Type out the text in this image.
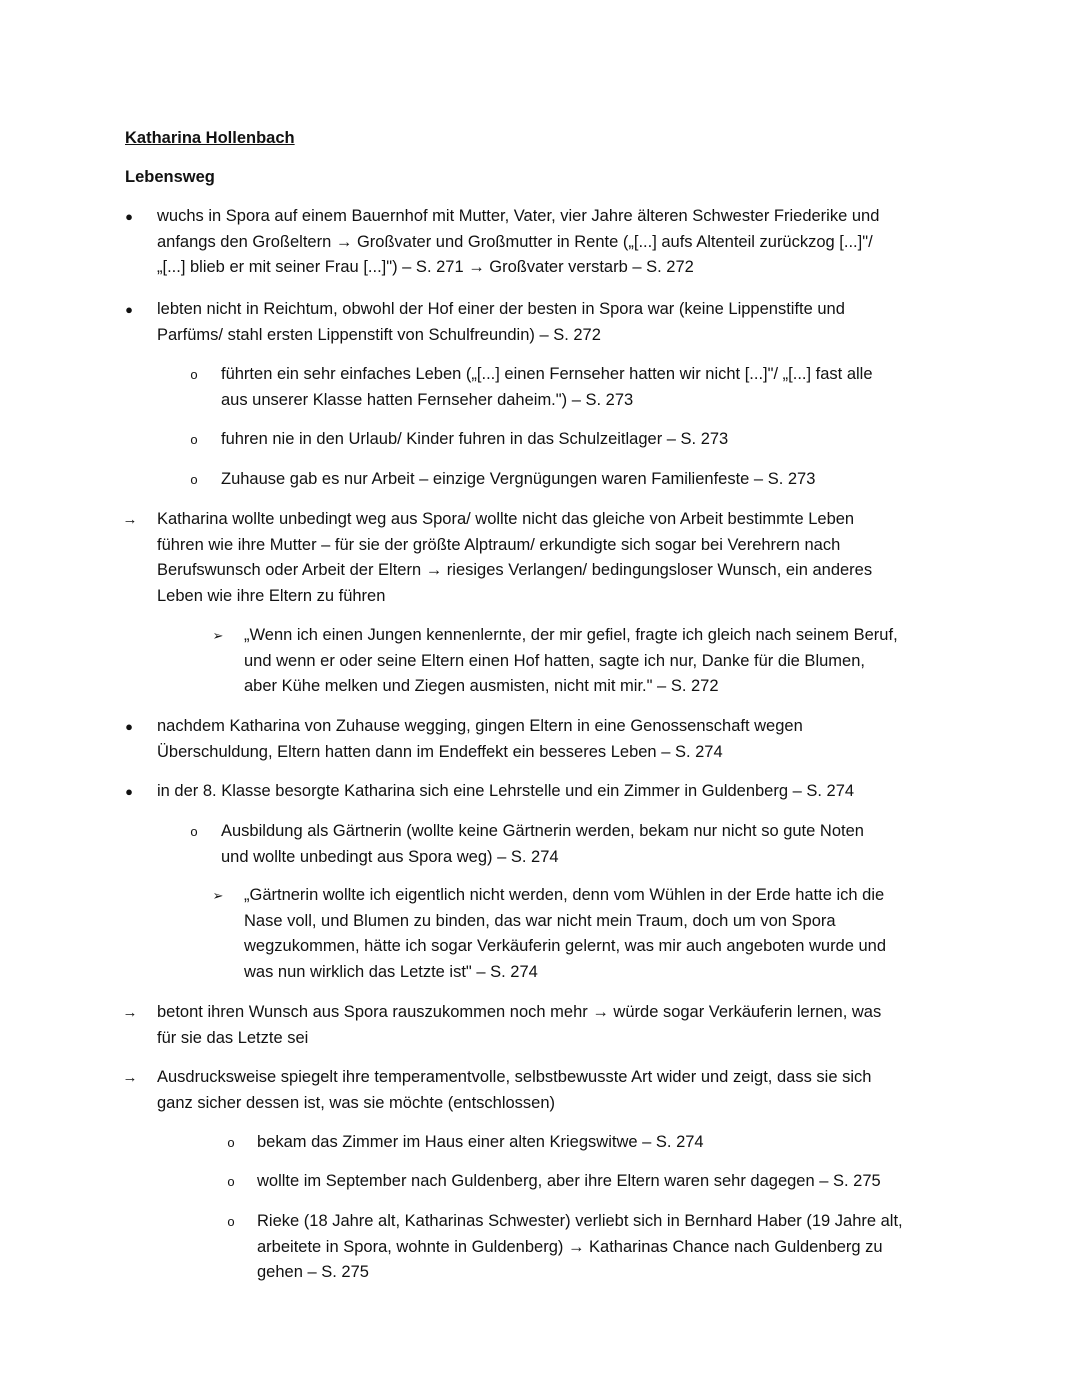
Katharina Hollenbach
Lebensweg
● wuchs in Spora auf einem Bauernhof mit Mutter, Vater, vier Jahre älteren Schwester Friederike und
anfangs den Großeltern → Großvater und Großmutter in Rente („[...] aufs Altenteil zurückzog [...]"/
„[...] blieb er mit seiner Frau [...]") – S. 271 → Großvater verstarb – S. 272
● lebten nicht in Reichtum, obwohl der Hof einer der besten in Spora war (keine Lippenstifte und
Parfüms/ stahl ersten Lippenstift von Schulfreundin) – S. 272
o führten ein sehr einfaches Leben („[...] einen Fernseher hatten wir nicht [...]"/ „[...] fast alle
aus unserer Klasse hatten Fernseher daheim.") – S. 273
o fuhren nie in den Urlaub/ Kinder fuhren in das Schulzeitlager – S. 273
o Zuhause gab es nur Arbeit – einzige Vergnügungen waren Familienfeste – S. 273
→ Katharina wollte unbedingt weg aus Spora/ wollte nicht das gleiche von Arbeit bestimmte Leben
führen wie ihre Mutter – für sie der größte Alptraum/ erkundigte sich sogar bei Verehrern nach
Berufswunsch oder Arbeit der Eltern → riesiges Verlangen/ bedingungsloser Wunsch, ein anderes
Leben wie ihre Eltern zu führen
➢ „Wenn ich einen Jungen kennenlernte, der mir gefiel, fragte ich gleich nach seinem Beruf,
und wenn er oder seine Eltern einen Hof hatten, sagte ich nur, Danke für die Blumen,
aber Kühe melken und Ziegen ausmisten, nicht mit mir." – S. 272
● nachdem Katharina von Zuhause wegging, gingen Eltern in eine Genossenschaft wegen
Überschuldung, Eltern hatten dann im Endeffekt ein besseres Leben – S. 274
● in der 8. Klasse besorgte Katharina sich eine Lehrstelle und ein Zimmer in Guldenberg – S. 274
o Ausbildung als Gärtnerin (wollte keine Gärtnerin werden, bekam nur nicht so gute Noten
und wollte unbedingt aus Spora weg) – S. 274
➢ „Gärtnerin wollte ich eigentlich nicht werden, denn vom Wühlen in der Erde hatte ich die
Nase voll, und Blumen zu binden, das war nicht mein Traum, doch um von Spora
wegzukommen, hätte ich sogar Verkäuferin gelernt, was mir auch angeboten wurde und
was nun wirklich das Letzte ist" – S. 274
→ betont ihren Wunsch aus Spora rauszukommen noch mehr → würde sogar Verkäuferin lernen, was
für sie das Letzte sei
→ Ausdrucksweise spiegelt ihre temperamentvolle, selbstbewusste Art wider und zeigt, dass sie sich
ganz sicher dessen ist, was sie möchte (entschlossen)
o bekam das Zimmer im Haus einer alten Kriegswitwe – S. 274
o wollte im September nach Guldenberg, aber ihre Eltern waren sehr dagegen – S. 275
o Rieke (18 Jahre alt, Katharinas Schwester) verliebt sich in Bernhard Haber (19 Jahre alt,
arbeitete in Spora, wohnte in Guldenberg) → Katharinas Chance nach Guldenberg zu
gehen – S. 275
